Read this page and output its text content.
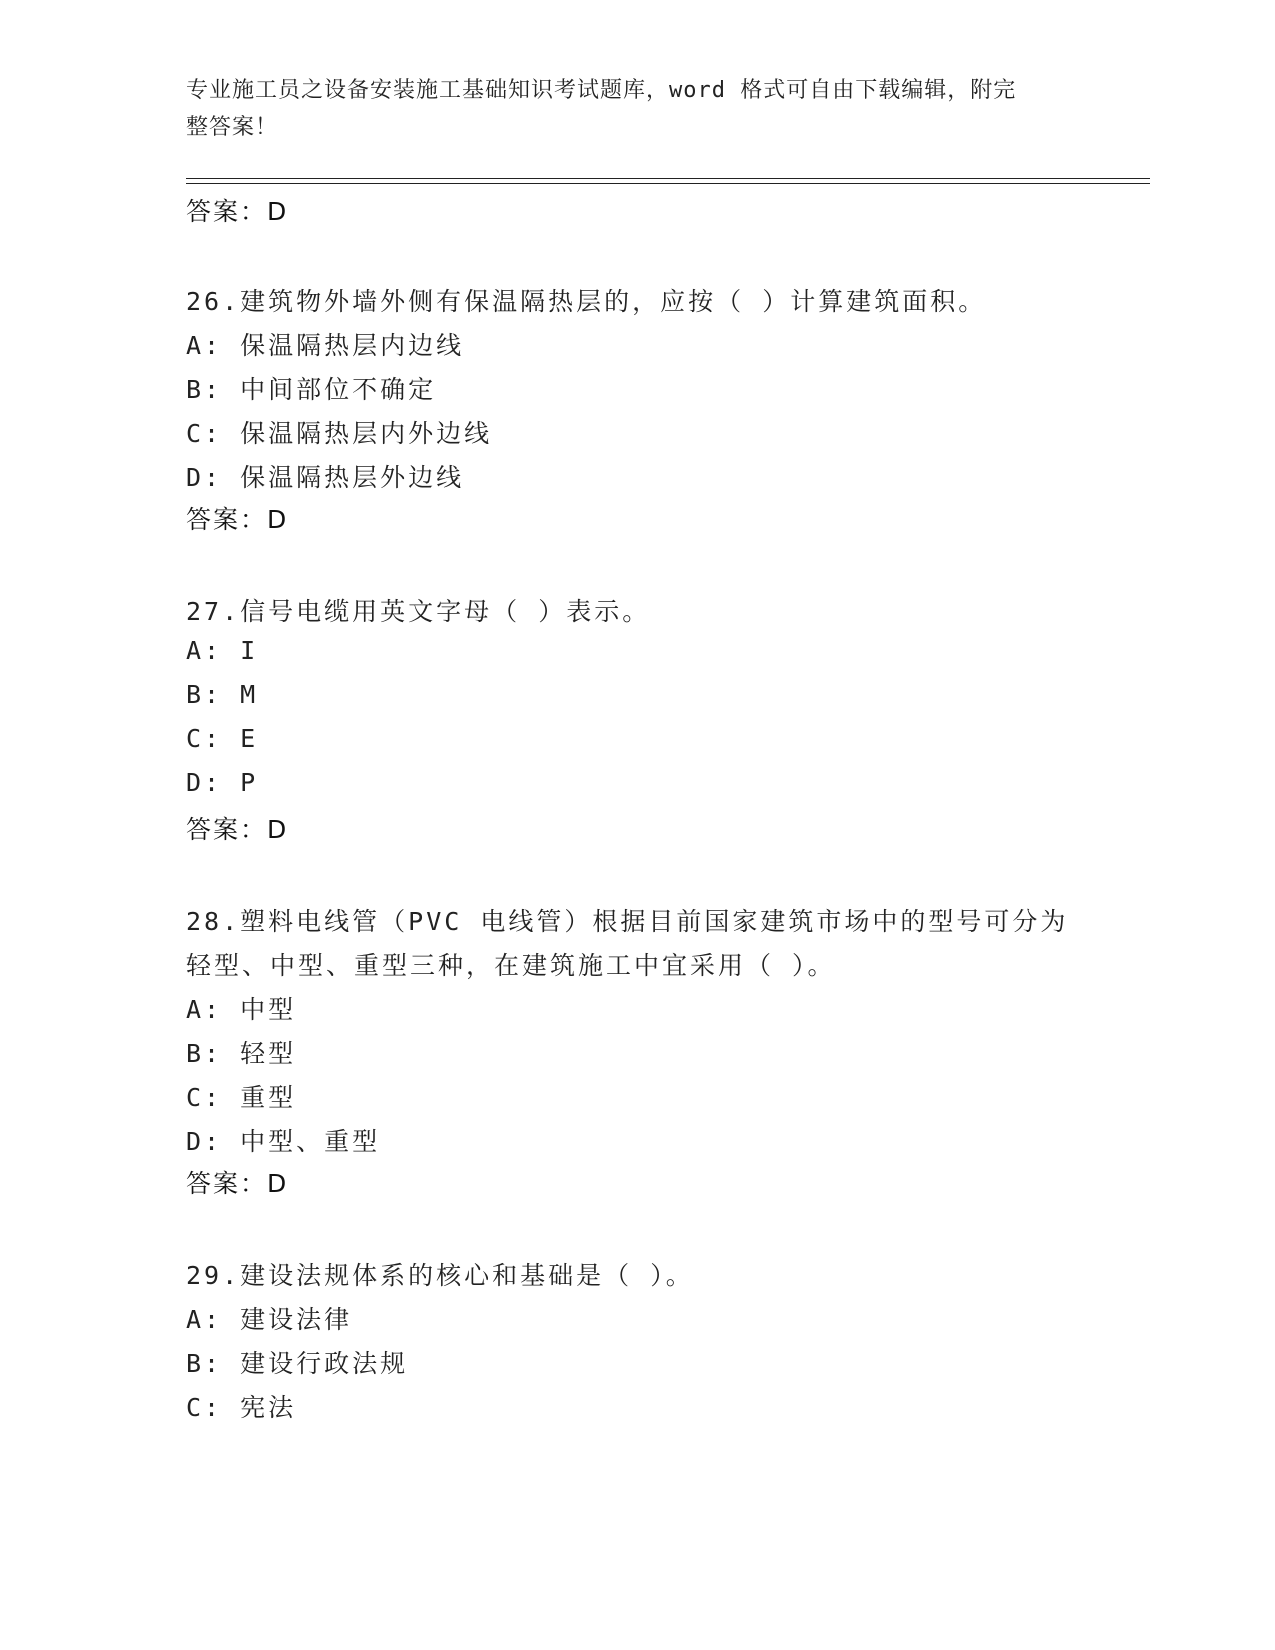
专业施工员之设备安装施工基础知识考试题库，word 格式可自由下载编辑，附完
整答案！
答案：D
26.建筑物外墙外侧有保温隔热层的，应按（ ）计算建筑面积。
A: 保温隔热层内边线
B: 中间部位不确定
C: 保温隔热层内外边线
D: 保温隔热层外边线
答案：D
27.信号电缆用英文字母（ ）表示。
A: I
B: M
C: E
D: P
答案：D
28.塑料电线管（PVC 电线管）根据目前国家建筑市场中的型号可分为
轻型、中型、重型三种，在建筑施工中宜采用（ ）。
A: 中型
B: 轻型
C: 重型
D: 中型、重型
答案：D
29.建设法规体系的核心和基础是（ ）。
A: 建设法律
B: 建设行政法规
C: 宪法
